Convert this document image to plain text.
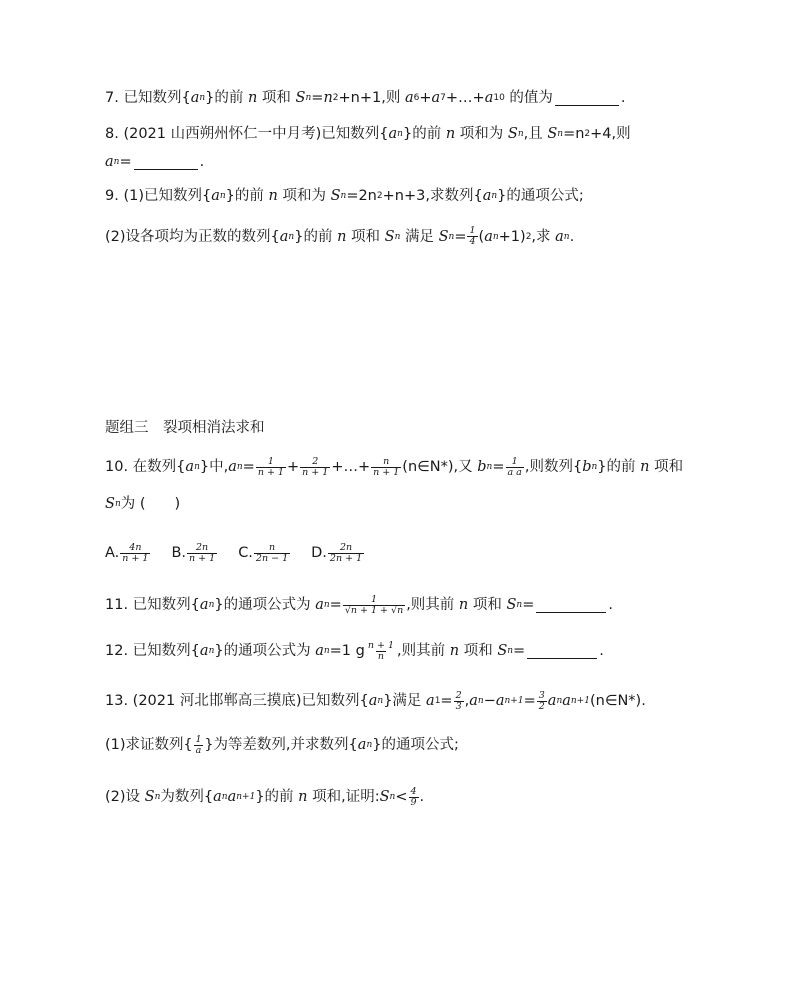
7. 已知数列{ a n }的前 n 项和 S n = n 2 +n+1,则 a 6 + a 7 +…+ a 10 的值为	.
8. (2021 山西朔州怀仁一中月考)已知数列{ a n }的前 n 项和为 S n ,且 S n =n 2 +4,则
a n =	.
9. (1)已知数列{ a n }的前 n 项和为 S n =2n 2 +n+3,求数列{ a n }的通项公式;
(2)设各项均为正数的数列{ a n }的前 n 项和 S n 满足 S $n = \frac{1}{4}$ ( a n +1) 2 ,求 a n .
题组三　裂项相消法求和
10. 在数列{ a n }中, a $n = \frac{1}{n + 1} + \frac{2}{n + 1}$ +…+ $\frac{n}{n + 1}$ (n∈N*),又 b $n = \frac{1}{\text{a a}}$ ,则数列{ b n }的前 n 项和
S n 为 (　　)
A. $\frac{4n}{n + 1} B$. $\frac{2n}{n + 1} C$. $\frac{n}{2n - 1} D$. $\frac{2n}{2n + 1}$
11. 已知数列{ a n }的通项公式为 a $n = \frac{1}{√n + 1 + √n}$ ,则其前 n 项和 S n =	.
12. 已知数列{ a n }的通项公式为 a n =1 g $\frac{n + 1}{n}$ ,则其前 n 项和 S n =	.
13. (2021 河北邯郸高三摸底)已知数列{ a n }满足 a $1 = \frac{2}{3}$ , a n − a $n+1 = \frac{3}{2}$ a n a n+1 (n∈N*).
(1)求证数列 { $\frac{1}{a}$ } 为等差数列,并求数列{ a n }的通项公式;
(2)设 S n 为数列{ a n a n+1 }的前 n 项和,证明: S $n < \frac{4}{9}$ .
